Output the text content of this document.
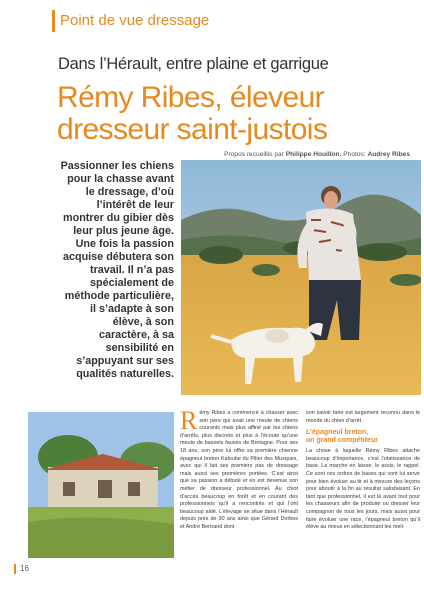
Point de vue dressage
Dans l’Hérault, entre plaine et garrigue
Rémy Ribes, éleveur
dresseur saint-justois
Propos recueillis par Philippe Houillon. Photos: Audrey Ribes

Passionner les chiens pour la chasse avant le dressage, d’où l’intérêt de leur montrer du gibier dès leur plus jeune âge. Une fois la passion acquise débutera son travail. Il n’a pas spécialement de méthode particulière, il s’adapte à son élève, à son caractère, à sa sensibilité en s’appuyant sur ses qualités naturelles.

Rémy Ribes a commencé à chasser avec son père qui avait une meute de chiens courants mais plus affiné par les chiens d’arrêts, plus discrets et plus à l’écoute qu’une meute de bassets fauves de Bretagne. Pour ses 18 ans, son père lui offre sa première chienne épagneul breton Kaloube du Pilier des Musques, avec qui il fait ses premiers pas de dressage mais aussi ses premières portées. C’est ainsi que sa passion a débuté et en est devenue son métier de dresseur professionnel. Au chiot d’accès beaucoup en forêt et en courant des professionnels qu’il a rencontrés et qui l’ont beaucoup aidé. L’élevage se situe dans l’Hérault depuis près de 30 ans ainsi que Gérard Dorbes et André Bertrand dont

son savoir faire est largement reconnu dans le monde du chien d’arrêt.

L’épagneul breton,
un grand compétiteur

La chose à laquelle Rémy Ribes attache beaucoup d’importance, c’est l’obéissance de base. La marche en laisse, le assis, le rappel. Ce sont ces ordres de bases qui vont lui servir pour bien évoluer au tir et à mesure des leçons pour aboutir à la fin au résultat satisfaisant. En tant que professionnel, il est là avant tout pour les chasseurs afin de produire ou dresser leur compagnon de tous les jours, mais aussi pour faire évoluer une race, l’épagneul breton qu’il élève au mieux en sélectionnant les meil-

16
